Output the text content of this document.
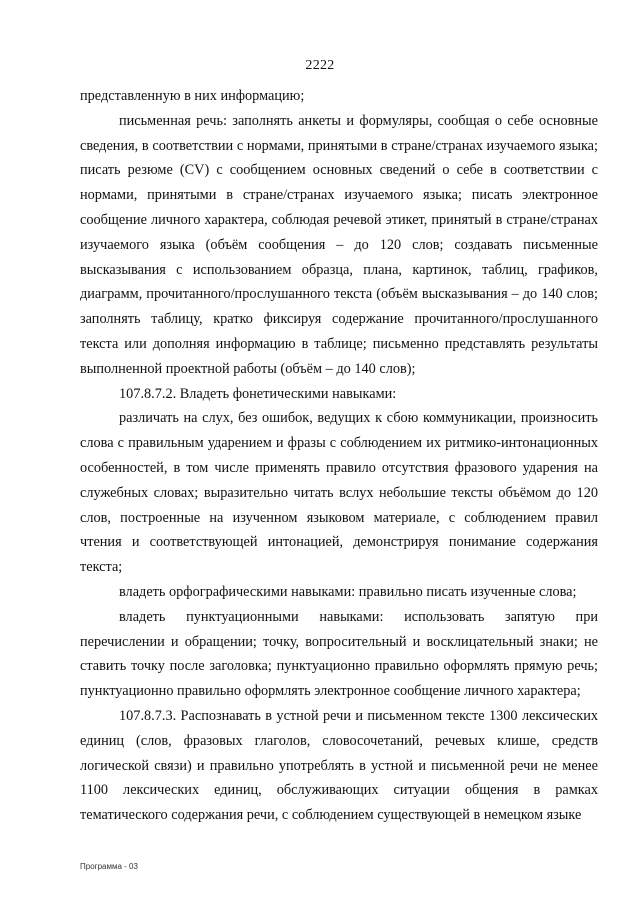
2222

представленную в них информацию;

письменная речь: заполнять анкеты и формуляры, сообщая о себе основные сведения, в соответствии с нормами, принятыми в стране/странах изучаемого языка; писать резюме (CV) с сообщением основных сведений о себе в соответствии с нормами, принятыми в стране/странах изучаемого языка; писать электронное сообщение личного характера, соблюдая речевой этикет, принятый в стране/странах изучаемого языка (объём сообщения – до 120 слов; создавать письменные высказывания с использованием образца, плана, картинок, таблиц, графиков, диаграмм, прочитанного/прослушанного текста (объём высказывания – до 140 слов; заполнять таблицу, кратко фиксируя содержание прочитанного/прослушанного текста или дополняя информацию в таблице; письменно представлять результаты выполненной проектной работы (объём – до 140 слов);

107.8.7.2. Владеть фонетическими навыками:

различать на слух, без ошибок, ведущих к сбою коммуникации, произносить слова с правильным ударением и фразы с соблюдением их ритмико-интонационных особенностей, в том числе применять правило отсутствия фразового ударения на служебных словах; выразительно читать вслух небольшие тексты объёмом до 120 слов, построенные на изученном языковом материале, с соблюдением правил чтения и соответствующей интонацией, демонстрируя понимание содержания текста;

владеть орфографическими навыками: правильно писать изученные слова;

владеть пунктуационными навыками: использовать запятую при перечислении и обращении; точку, вопросительный и восклицательный знаки; не ставить точку после заголовка; пунктуационно правильно оформлять прямую речь; пунктуационно правильно оформлять электронное сообщение личного характера;

107.8.7.3. Распознавать в устной речи и письменном тексте 1300 лексических единиц (слов, фразовых глаголов, словосочетаний, речевых клише, средств логической связи) и правильно употреблять в устной и письменной речи не менее 1100 лексических единиц, обслуживающих ситуации общения в рамках тематического содержания речи, с соблюдением существующей в немецком языке

Программа - 03
